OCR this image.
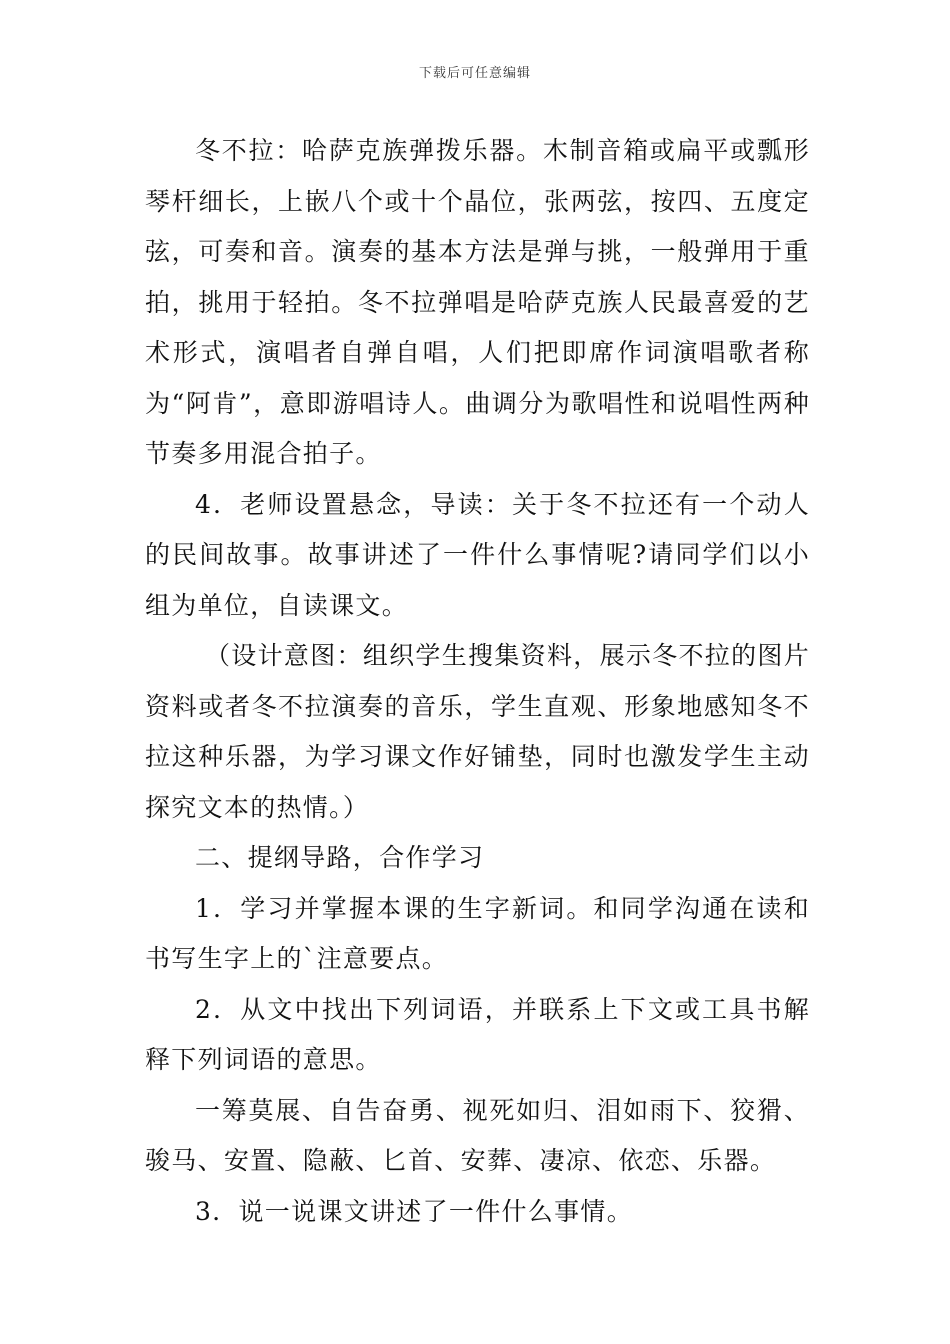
下载后可任意编辑

冬不拉：哈萨克族弹拨乐器。木制音箱或扁平或瓢形琴杆细长，上嵌八个或十个晶位，张两弦，按四、五度定弦，可奏和音。演奏的基本方法是弹与挑，一般弹用于重拍，挑用于轻拍。冬不拉弹唱是哈萨克族人民最喜爱的艺术形式，演唱者自弹自唱，人们把即席作词演唱歌者称为“阿肯”，意即游唱诗人。曲调分为歌唱性和说唱性两种节奏多用混合拍子。

4．老师设置悬念，导读：关于冬不拉还有一个动人的民间故事。故事讲述了一件什么事情呢?请同学们以小组为单位，自读课文。

（设计意图：组织学生搜集资料，展示冬不拉的图片资料或者冬不拉演奏的音乐，学生直观、形象地感知冬不拉这种乐器，为学习课文作好铺垫，同时也激发学生主动探究文本的热情。）

二、提纲导路，合作学习

1．学习并掌握本课的生字新词。和同学沟通在读和书写生字上的`注意要点。

2．从文中找出下列词语，并联系上下文或工具书解释下列词语的意思。

一筹莫展、自告奋勇、视死如归、泪如雨下、狡猾、骏马、安置、隐蔽、匕首、安葬、凄凉、依恋、乐器。

3．说一说课文讲述了一件什么事情。
